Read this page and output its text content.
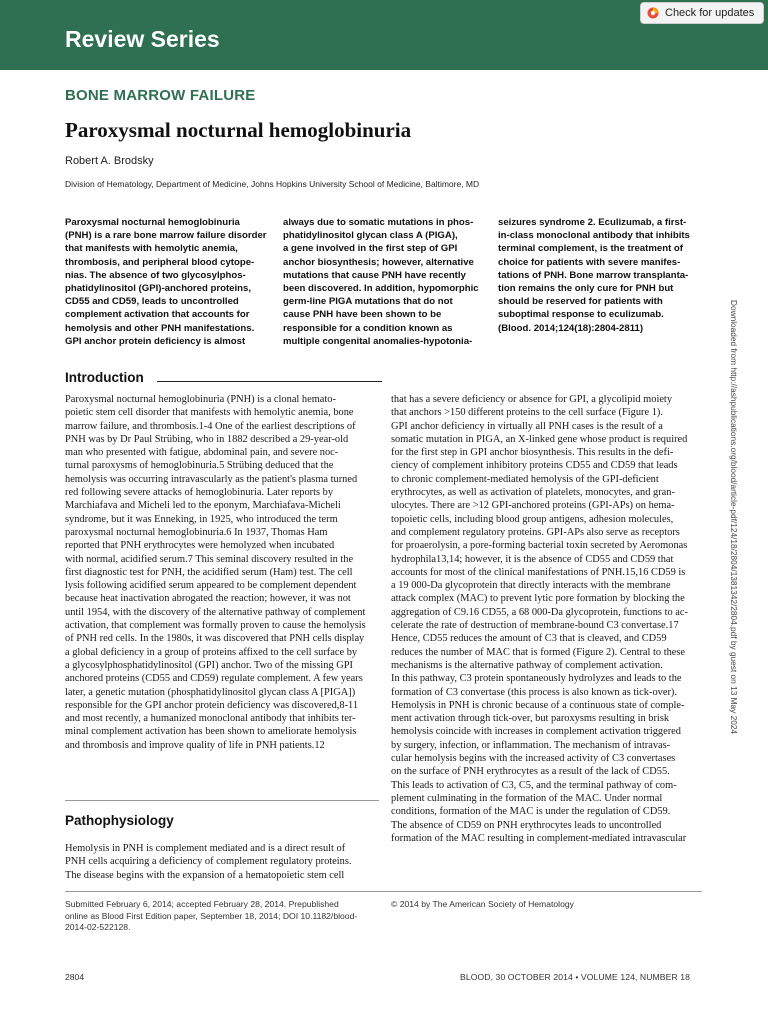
Review Series
Check for updates
BONE MARROW FAILURE
Paroxysmal nocturnal hemoglobinuria
Robert A. Brodsky
Division of Hematology, Department of Medicine, Johns Hopkins University School of Medicine, Baltimore, MD
Paroxysmal nocturnal hemoglobinuria
(PNH) is a rare bone marrow failure disorder
that manifests with hemolytic anemia,
thrombosis, and peripheral blood cytope-
nias. The absence of two glycosylphos-
phatidylinositol (GPI)-anchored proteins,
CD55 and CD59, leads to uncontrolled
complement activation that accounts for
hemolysis and other PNH manifestations.
GPI anchor protein deficiency is almost
always due to somatic mutations in phos-
phatidylinositol glycan class A (PIGA),
a gene involved in the first step of GPI
anchor biosynthesis; however, alternative
mutations that cause PNH have recently
been discovered. In addition, hypomorphic
germ-line PIGA mutations that do not
cause PNH have been shown to be
responsible for a condition known as
multiple congenital anomalies-hypotonia-
seizures syndrome 2. Eculizumab, a first-
in-class monoclonal antibody that inhibits
terminal complement, is the treatment of
choice for patients with severe manifes-
tations of PNH. Bone marrow transplanta-
tion remains the only cure for PNH but
should be reserved for patients with
suboptimal response to eculizumab.
(Blood. 2014;124(18):2804-2811)	Downloaded from http://ashpublications.org/blood/article-pdf/124/18/2804/1381342/2804.pdf by guest on 13 May 2024
Introduction
Paroxysmal nocturnal hemoglobinuria (PNH) is a clonal hemato-
poietic stem cell disorder that manifests with hemolytic anemia, bone
marrow failure, and thrombosis.1-4 One of the earliest descriptions of
PNH was by Dr Paul Strübing, who in 1882 described a 29-year-old
man who presented with fatigue, abdominal pain, and severe noc-
turnal paroxysms of hemoglobinuria.5 Strübing deduced that the
hemolysis was occurring intravascularly as the patient's plasma turned
red following severe attacks of hemoglobinuria. Later reports by
Marchiafava and Micheli led to the eponym, Marchiafava-Micheli
syndrome, but it was Enneking, in 1925, who introduced the term
paroxysmal nocturnal hemoglobinuria.6 In 1937, Thomas Ham
reported that PNH erythrocytes were hemolyzed when incubated
with normal, acidified serum.7 This seminal discovery resulted in the
first diagnostic test for PNH, the acidified serum (Ham) test. The cell
lysis following acidified serum appeared to be complement dependent
because heat inactivation abrogated the reaction; however, it was not
until 1954, with the discovery of the alternative pathway of complement
activation, that complement was formally proven to cause the hemolysis
of PNH red cells. In the 1980s, it was discovered that PNH cells display
a global deficiency in a group of proteins affixed to the cell surface by
a glycosylphosphatidylinositol (GPI) anchor. Two of the missing GPI
anchored proteins (CD55 and CD59) regulate complement. A few years
later, a genetic mutation (phosphatidylinositol glycan class A [PIGA])
responsible for the GPI anchor protein deficiency was discovered,8-11
and most recently, a humanized monoclonal antibody that inhibits ter-
minal complement activation has been shown to ameliorate hemolysis
and thrombosis and improve quality of life in PNH patients.12
Pathophysiology
Hemolysis in PNH is complement mediated and is a direct result of
PNH cells acquiring a deficiency of complement regulatory proteins.
The disease begins with the expansion of a hematopoietic stem cell
that has a severe deficiency or absence for GPI, a glycolipid moiety
that anchors >150 different proteins to the cell surface (Figure 1).
GPI anchor deficiency in virtually all PNH cases is the result of a
somatic mutation in PIGA, an X-linked gene whose product is required
for the first step in GPI anchor biosynthesis. This results in the defi-
ciency of complement inhibitory proteins CD55 and CD59 that leads
to chronic complement-mediated hemolysis of the GPI-deficient
erythrocytes, as well as activation of platelets, monocytes, and gran-
ulocytes. There are >12 GPI-anchored proteins (GPI-APs) on hema-
topoietic cells, including blood group antigens, adhesion molecules,
and complement regulatory proteins. GPI-APs also serve as receptors
for proaerolysin, a pore-forming bacterial toxin secreted by Aeromonas
hydrophila13,14; however, it is the absence of CD55 and CD59 that
accounts for most of the clinical manifestations of PNH.15,16 CD59 is
a 19 000-Da glycoprotein that directly interacts with the membrane
attack complex (MAC) to prevent lytic pore formation by blocking the
aggregation of C9.16 CD55, a 68 000-Da glycoprotein, functions to ac-
celerate the rate of destruction of membrane-bound C3 convertase.17
Hence, CD55 reduces the amount of C3 that is cleaved, and CD59
reduces the number of MAC that is formed (Figure 2). Central to these
mechanisms is the alternative pathway of complement activation.
In this pathway, C3 protein spontaneously hydrolyzes and leads to the
formation of C3 convertase (this process is also known as tick-over).
Hemolysis in PNH is chronic because of a continuous state of comple-
ment activation through tick-over, but paroxysms resulting in brisk
hemolysis coincide with increases in complement activation triggered
by surgery, infection, or inflammation. The mechanism of intravas-
cular hemolysis begins with the increased activity of C3 convertases
on the surface of PNH erythrocytes as a result of the lack of CD55.
This leads to activation of C3, C5, and the terminal pathway of com-
plement culminating in the formation of the MAC. Under normal
conditions, formation of the MAC is under the regulation of CD59.
The absence of CD59 on PNH erythrocytes leads to uncontrolled
formation of the MAC resulting in complement-mediated intravascular
Submitted February 6, 2014; accepted February 28, 2014. Prepublished
online as Blood First Edition paper, September 18, 2014; DOI 10.1182/blood-
2014-02-522128.
© 2014 by The American Society of Hematology
2804	BLOOD, 30 OCTOBER 2014 • VOLUME 124, NUMBER 18
